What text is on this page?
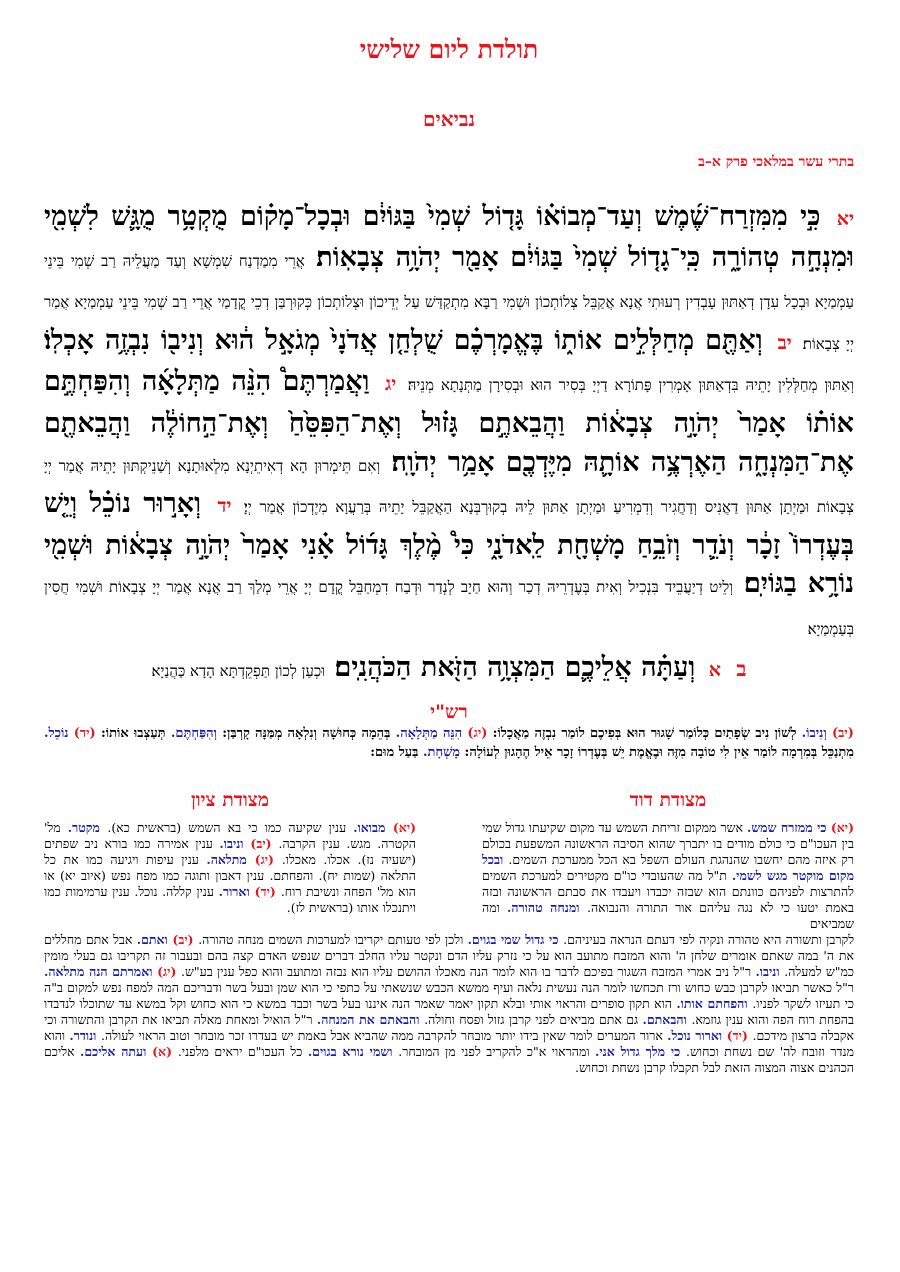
תולדת ליום שלישי
נביאים
בתרי עשר במלאכי פרק א–ב
יא כִּ֣י מִמִּזְרַח־שֶׁ֜מֶשׁ וְעַד־מְבוֹא֗וֹ גָּד֤וֹל שְׁמִי֙ בַּגּוֹיִ֔ם וּבְכָל־מָק֗וֹם מֻקְטָ֥ר מֻגָּ֛שׁ לִשְׁמִ֖י וּמִנְחָ֣ה טְהוֹרָ֑ה כִּֽי־גָד֤וֹל שְׁמִי֙ בַּגּוֹיִ֔ם אָמַ֖ר יְהֹוָ֥ה צְבָאֽוֹת׃ אֲרֵי מִמַדְנַח שִׁמְשָׁא וְעַד מַעֲלֵיהּ רַב שְׁמִי בֵּינֵי עַמְמַיָא וּבְכָל עִדָן דְאַתּוּן עָבְדִין רְעוּתִי אֲנָא אֲקַבֵּל צְלוֹתְכוֹן וּשְׁמִי רַבָּא מִתְקַדַּשׁ עַל יְדֵיכוֹן וּצְלוֹתְכוֹן כְּקוּרְבַּן דְכֵי קֳדָמַי אֲרֵי רַב שְׁמִי בֵּינֵי עַמְמַיָא אֲמַר יְיָ צְבָאוֹת׃ יב וְאַתֶּ֖ם מְחַלְּלִ֣ים אוֹת֑וֹ בֶּאֱמָרְכֶ֗ם שֻׁלְחַ֤ן אֲדֹנָי֙ מְגֹאָ֣ל ה֔וּא וְנִיב֖וֹ נִבְזֶ֥ה אָכְלֽוֹ׃ וְאַתּוּן מְחַלְּלִין יָתֵיהּ בִּדְאַתּוּן אָמְרִין פָּתוֹרָא דַיְיָ בְּסִיר הוּא וּבְסִירָן מַתְּנָתָא מְנֵיהּ׃ יג וַאֲמַרְתֶּם֩ הִנֵּ֨ה מַתְּלָאָ֜ה וְהִפַּחְתֶּ֣ם אוֹת֗וֹ אָמַר֙ יְהֹוָ֣ה צְבָא֔וֹת וַהֲבֵאתֶ֣ם גָּז֗וּל וְאֶת־הַפִּסֵּ֙חַ֙ וְאֶת־הַ֣חוֹלֶ֔ה וַהֲבֵאתֶ֖ם אֶת־הַמִּנְחָ֑ה הַאֶרְצֶ֥ה אוֹתָ֛הּ מִיֶּדְכֶ֖ם אָמַ֥ר יְהֹוָֽה׃ וְאִם תֵּימְרוּן הָא דְאִיתֵיְנָא מִלְאוּתָנָא וְשַׁנֵיקְתּוּן יָתֵיהּ אֲמַר יְיָ צְבָאוֹת וּמַיְתָן אַתּוּן דַאֲנִיס וְדַחֲגִיר וְדִמְרִיעַ וּמַיְתָן אַתּוּן לֵיהּ בְקוּרְבְּנָא הַאֲקַבֵּל יָתֵיהּ בְּרַעֲוָא מִיֶדְכוֹן אֲמַר יְיָ׃ יד וְאָר֣וּר נוֹכֵ֗ל וְיֵ֤שׁ בְּעֶדְרוֹ֙ זָכָ֔ר וְנֹדֵ֛ר וְזֹבֵ֥חַ מָשְׁחָ֖ת לַֽאדֹנָ֑י כִּי֩ מֶ֨לֶךְ גָּד֜וֹל אָ֗נִי אָמַר֙ יְהֹוָ֣ה צְבָא֔וֹת וּשְׁמִ֖י נוֹרָ֥א בַגּוֹיִֽם׃ וְלֵיט דְיַעֲבֵיד בִּנְכִיל וְאִית בְּעֶדְרֵיהּ דְכַר וְהוּא חַיָב לְנְדַר וּדְבַח דִמְחַבֵּל קֳדָם יְיָ אֲרֵי מְלַךְ רַב אֲנָא אֲמַר יְיָ צְבָאוֹת וּשְׁמִי חֲסִין בְּעַמְמַיָא׃
ב א וְעַתָּ֗ה אֲלֵיכֶ֛ם הַמִּצְוָ֥ה הַזֹּ֖את הַכֹּהֲנִֽים׃ וּכְעַן לְכוֹן תַּפְקֵדְתָּא הָדָא כַּהֲנַיָא׃
רש"י
(יב) וְנִיבוֹ. לְשׁוֹן נִיב שְׂפָתַיִם כְּלוֹמַר שָׁגוּר הוּא בְּפִיכֶם לוֹמַר נִבְזֶה מַאֲכָלוֹ: (יג) הִנֵּה מַתְּלָאָה. בְּהֵמָה כְּחוּשָׁה וְנִלְאָה מְמַּנָּה קָרְבַּן: וְהִפַּחְתֶּם. תְּעַצְבוּ אוֹתוֹ: (יד) נוֹכֵל. מִתְנַכֵּל בְּמִרְמָה לוֹמַר אֵין לִי טוֹבָה מִזֶּה וּבֶאֱמֶת יֵשׁ בְּעֶדְרוֹ זָכָר אֵיל הֶהָגוּן לְעוֹלָה: מָשְׁחָת. בַּעַל מוּם:
מצודת דוד
(יא) כי ממזרח שמש. אשר ממקום זריחת השמש עד מקום שקיעתו גדול שמי בין העכו"ם כי כולם מודים בו יתברך שהוא הסיבה הראשונה המשפעת בכולם רק איזה מהם יחשבו שהנהגת העולם השפל בא הכל ממערכת השמים. ובכל מקום מוקטר מגש לשמי. ת"ל מה שהעובדי כו"ם מקטירים למערכת השמים להתרצות לפניהם כוונתם הוא שבזה יכבדו ויעבדו את סבתם הראשונה ובזה באמת יטעו כי לא נגה עליהם אור התורה והנבואה. ומנחה טהורה. ומה שמביאים
מצודת ציון
(יא) מבואו. ענין שקיעה כמו כי בא השמש (בראשית כא). מקטר. מל' הקטרה. מגש. ענין הקרבה. (יב) וניבו. ענין אמירה כמו בורא ניב שפתים (ישעיה נז). אכלו. מאכלו. (יג) מתלאה. ענין עיפות ויגיעה כמו את כל התלאה (שמות יח). והפחתם. ענין דאבון ותוגה כמו מפח נפש (איוב יא) או הוא מל' הפחה ונשיבת רוח. (יד) וארור. ענין קללה. נוכל. ענין ערמימות כמו ויתנכלו אותו (בראשית לז).
לקרבן ותשורה היא טהורה ונקיה לפי דעתם הנראה בעיניהם. כי גדול שמי בגוים. ולכן לפי טעותם יקריבו למערכות השמים מנחה טהורה. (יב) ואתם. אבל אתם מחללים את ה' במה שאתם אומרים שלחן ה' והוא המזבח מתועב הוא על כי נזרק עליו הדם ונקטר עליו החלב דברים שנפש האדם קצה בהם ובעבור זה תקריבו גם בעלי מומין כמ"ש למעלה. וניבו. ר"ל ניב אמרי המזבח השגור בפיכם לדבר בו הוא לומר הנה מאכלו ההושם עליו הוא נבזה ומתועב והוא כפל ענין בע"ש. (יג) ואמרתם הנה מתלאה. ר"ל כאשר תביאו לקרבן כבש כחוש ורז תכחשו לומר הנה נעשית נלאה ועיף ממשא הכבש שנשאתי על כתפי כי הוא שמן ובעל בשר ודבריכם המה למפח נפש למקום ב"ה כי תעיזו לשקר לפניו. והפחתם אותו. הוא תקון סופרים והראוי אותי ובלא תקון יאמר שאמר הנה איננו בעל בשר וכבד במשא כי הוא כחוש וקל במשא עד שתוכלו לנדבדו בהפחת רוח הפה והוא ענין גוזמא. והבאתם. גם אתם מביאים לפני קרבן גזול ופסח וחולה. והבאתם את המנחה. ר"ל הואיל ומאחת מאלה תביאו את הקרבן והתשורה וכי אקבלה ברצון מידכם. (יד) וארור נוכל. ארור המערים לומר שאין בידו יותר מובחר להקרבה ממה שהביא אבל באמת יש בעדרו זכר מובחר וטוב הראוי לעולה. ונודר. והוא מנדר וזובח לה' שם נשחת וכחוש. כי מלך גדול אני. ומהראוי א"כ להקריב לפני מן המובחר. ושמי נורא בגוים. כל העכו"ם יראים מלפני. (א) ועתה אליכם. אליכם הכהנים אצוה המצוה הזאת לבל תקבלו קרבן נשחת וכחוש.
